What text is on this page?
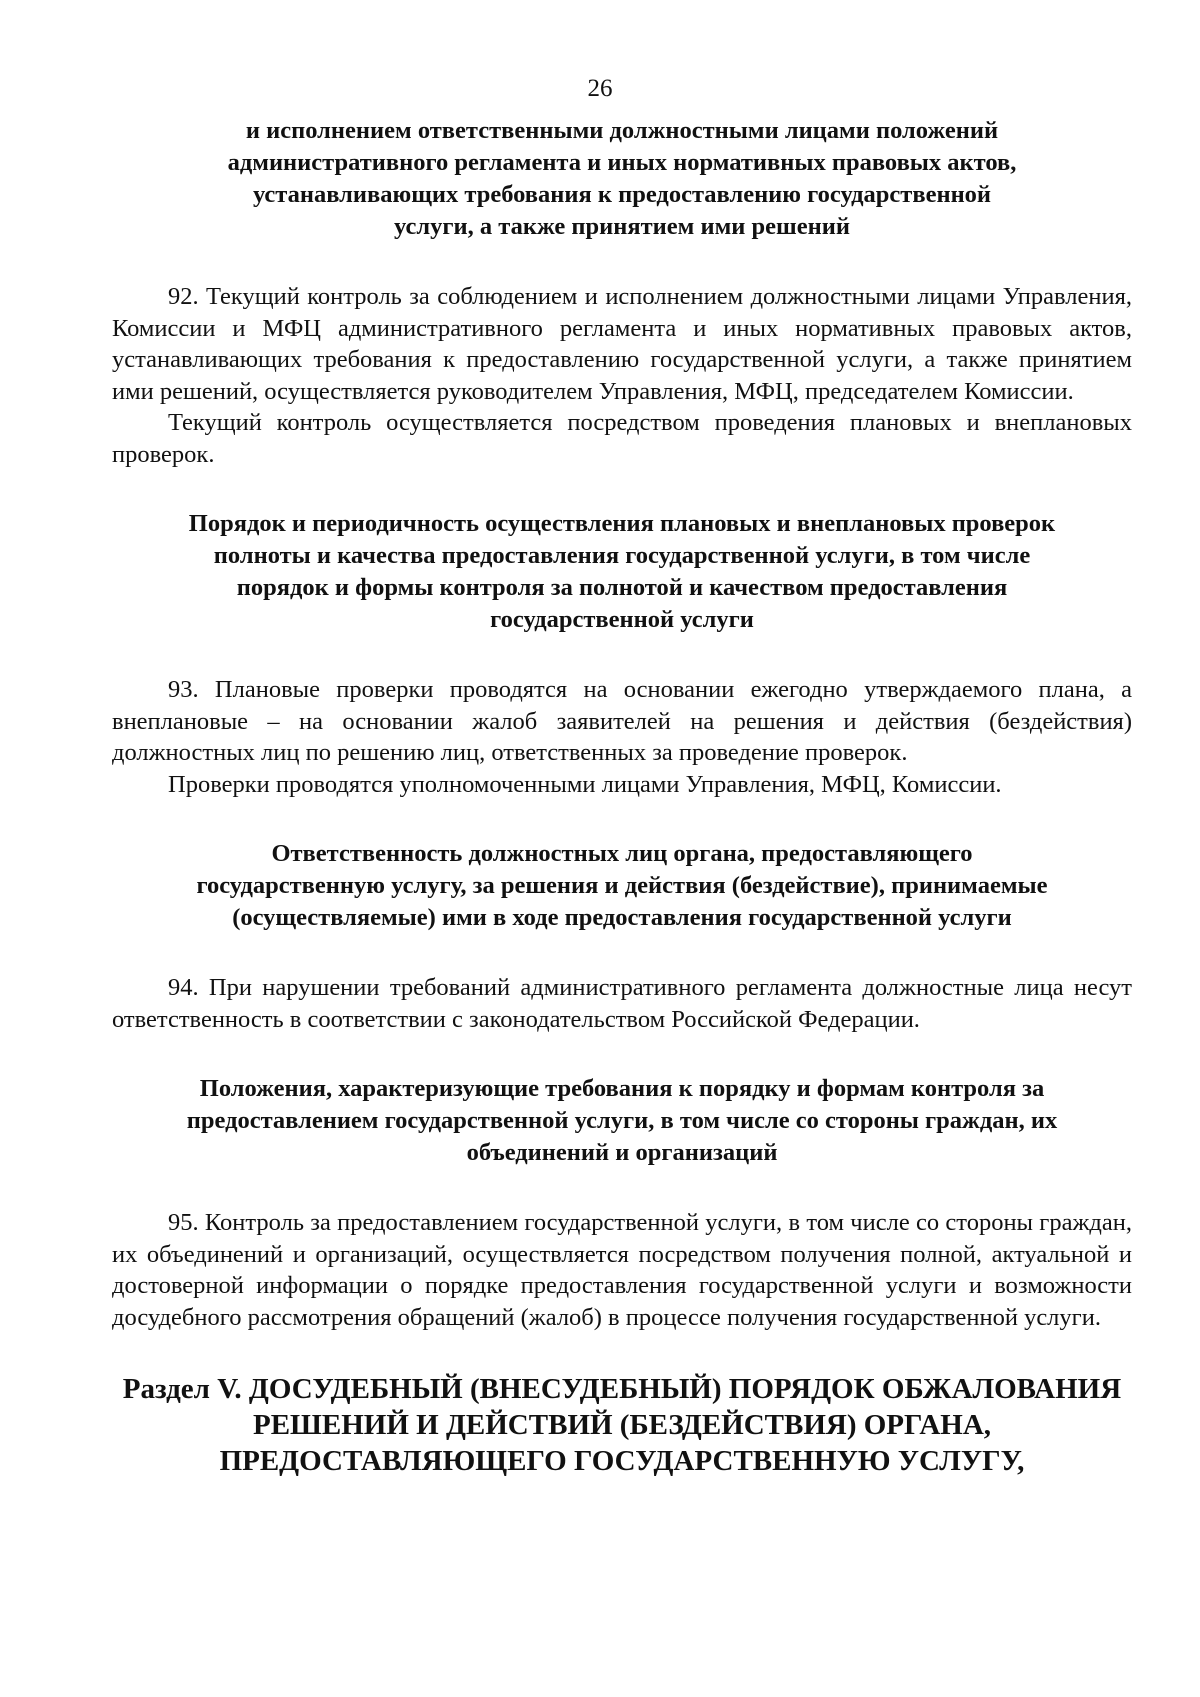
26
и исполнением ответственными должностными лицами положений
административного регламента и иных нормативных правовых актов,
устанавливающих требования к предоставлению государственной
услуги, а также принятием ими решений

92. Текущий контроль за соблюдением и исполнением должностными лицами Управления, Комиссии и МФЦ административного регламента и иных нормативных правовых актов, устанавливающих требования к предоставлению государственной услуги, а также принятием ими решений, осуществляется руководителем Управления, МФЦ, председателем Комиссии.

Текущий контроль осуществляется посредством проведения плановых и внеплановых проверок.

Порядок и периодичность осуществления плановых и внеплановых проверок
полноты и качества предоставления государственной услуги, в том числе
порядок и формы контроля за полнотой и качеством предоставления
государственной услуги

93. Плановые проверки проводятся на основании ежегодно утверждаемого плана, а внеплановые – на основании жалоб заявителей на решения и действия (бездействия) должностных лиц по решению лиц, ответственных за проведение проверок.

Проверки проводятся уполномоченными лицами Управления, МФЦ, Комиссии.

Ответственность должностных лиц органа, предоставляющего
государственную услугу, за решения и действия (бездействие), принимаемые
(осуществляемые) ими в ходе предоставления государственной услуги

94. При нарушении требований административного регламента должностные лица несут ответственность в соответствии с законодательством Российской Федерации.

Положения, характеризующие требования к порядку и формам контроля за
предоставлением государственной услуги, в том числе со стороны граждан, их
объединений и организаций

95. Контроль за предоставлением государственной услуги, в том числе со стороны граждан, их объединений и организаций, осуществляется посредством получения полной, актуальной и достоверной информации о порядке предоставления государственной услуги и возможности досудебного рассмотрения обращений (жалоб) в процессе получения государственной услуги.

Раздел V. ДОСУДЕБНЫЙ (ВНЕСУДЕБНЫЙ) ПОРЯДОК ОБЖАЛОВАНИЯ
РЕШЕНИЙ И ДЕЙСТВИЙ (БЕЗДЕЙСТВИЯ) ОРГАНА,
ПРЕДОСТАВЛЯЮЩЕГО ГОСУДАРСТВЕННУЮ УСЛУГУ,
